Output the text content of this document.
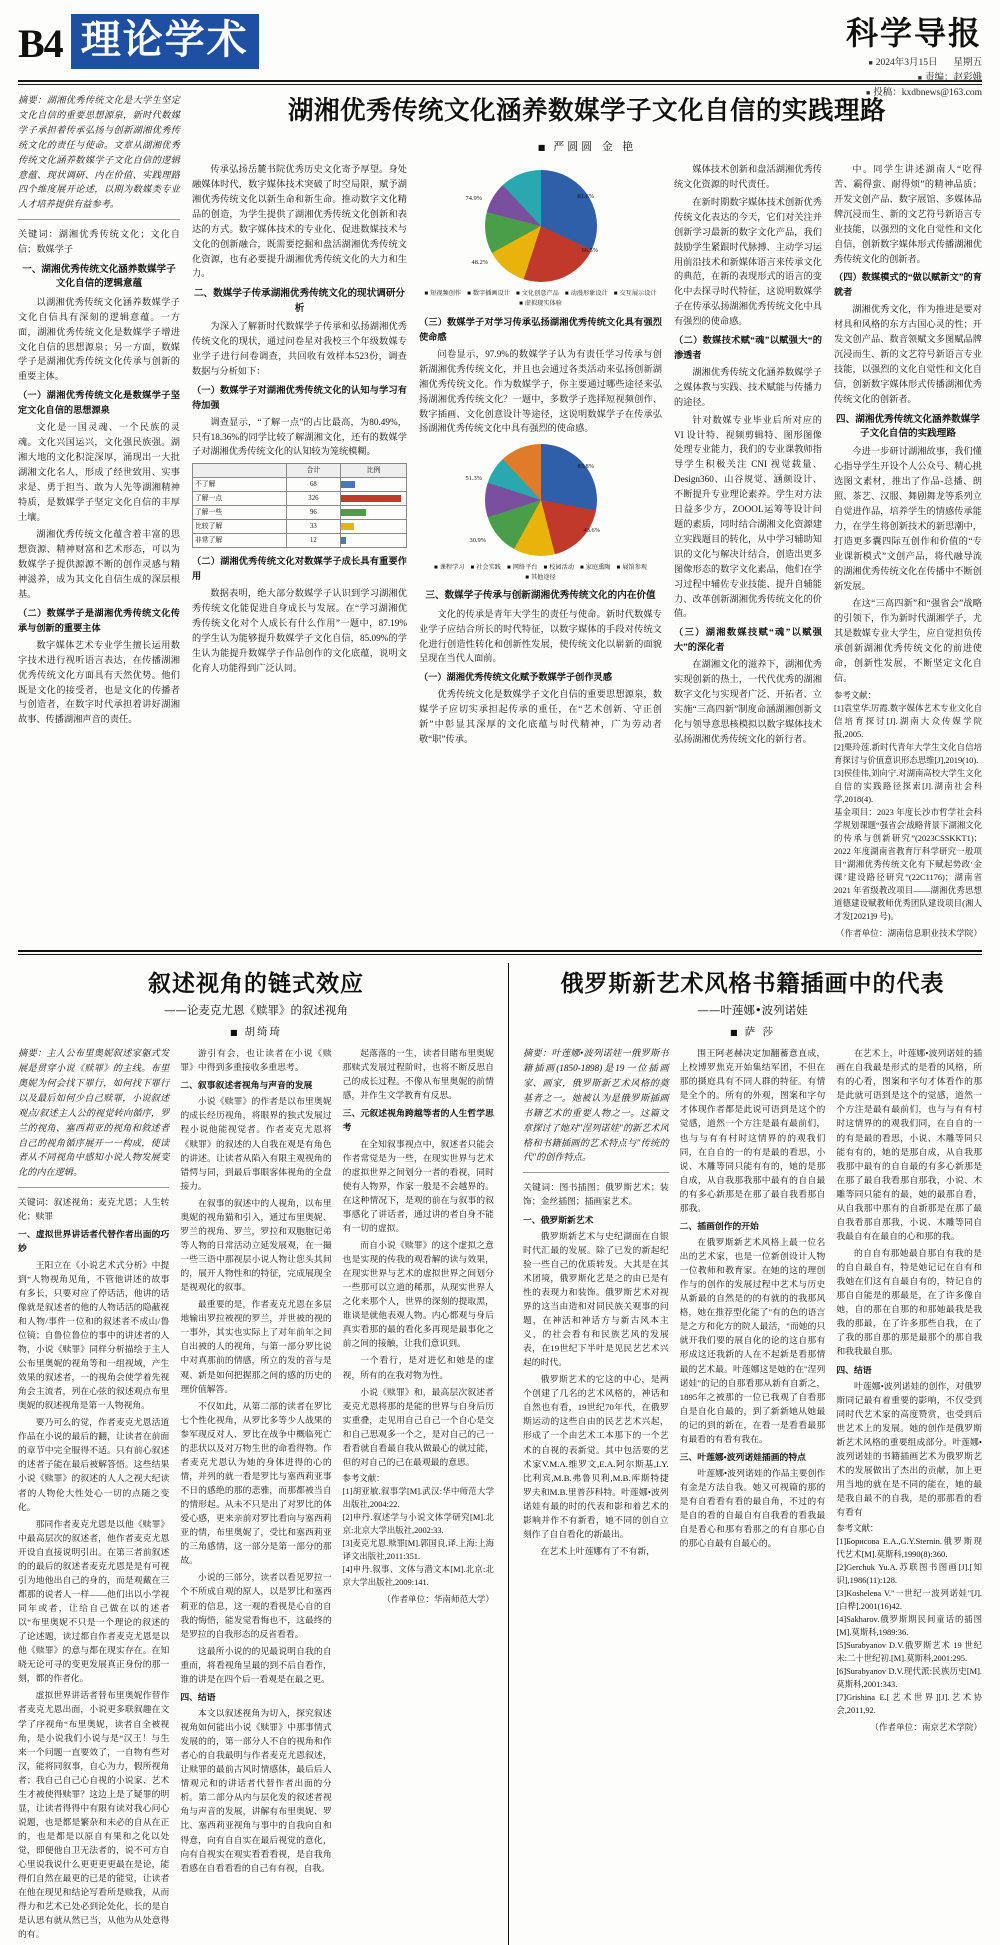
B4 理论学术	科学导报
■ 2024年3月15日 星期五
■ 责编：赵彩娥
■ 投稿：kxdbnews@163.com
摘要：湖湘优秀传统文化是大学生坚定文化自信的重要思想源泉，新时代数媒学子承担着传承弘扬与创新湖湘优秀传统文化的责任与使命。文章从湖湘优秀传统文化涵养数媒学子文化自信的逻辑意蕴、现状调研、内在价值、实践理路四个维度展开论述，以期为数媒类专业人才培养提供有益参考。
关键词：湖湘优秀传统文化；文化自信；数媒学子
一、湖湘优秀传统文化涵养数媒学子文化自信的逻辑意蕴

以湖湘优秀传统文化涵养数媒学子文化自信具有深刻的逻辑意蕴。一方面，湖湘优秀传统文化是数媒学子增进文化自信的思想源泉；另一方面，数媒学子是湖湘优秀传统文化传承与创新的重要主体。

（一）湖湘优秀传统文化是数媒学子坚定文化自信的思想源泉

文化是一国灵魂、一个民族的灵魂。文化兴国运兴，文化强民族强。湖湘大地的文化积淀深厚，涌现出一大批湖湘文化名人，形成了经世致用、实事求是、勇于担当、敢为人先等湖湘精神特质，是数媒学子坚定文化自信的丰厚土壤。

湖湘优秀传统文化蕴含着丰富的思想资源、精神财富和艺术形态，可以为数媒学子提供源源不断的创作灵感与精神滋养，成为其文化自信生成的深层根基。

（二）数媒学子是湖湘优秀传统文化传承与创新的重要主体

数字媒体艺术专业学生擅长运用数字技术进行视听语言表达，在传播湖湘优秀传统文化方面具有天然优势。他们既是文化的接受者，也是文化的传播者与创造者，在数字时代承担着讲好湖湘故事、传播湖湘声音的责任。

湖湘优秀传统文化涵养数媒学子文化自信的实践理路
■ 严圆圆 金 艳

传承弘扬岳麓书院优秀历史文化寄予厚望。身处融媒体时代，数字媒体技术突破了时空局限，赋予湖湘优秀传统文化以新生命和新生命。推动数字文化精品的创造，为学生提供了湖湘优秀传统文化创新和表达的方式。数字媒体技术的专业化、促进数媒技术与文化的创新融合，既需要挖掘和盘活湖湘优秀传统文化资源，也有必要提升湖湘优秀传统文化的大力和生力。

二、数媒学子传承湖湘优秀传统文化的现状调研分析

为深入了解新时代数媒学子传承和弘扬湖湘优秀传统文化的现状，通过问卷星对我校三个年级数媒专业学子进行问卷调查，共回收有效样本523份，调查数据与分析如下：

（一）数媒学子对湖湘优秀传统文化的认知与学习有待加强

调查显示，“了解一点”的占比最高，为80.49%，只有18.36%的同学比较了解湖湘文化，还有的数媒学子对湖湘优秀传统文化的认知较为笼统模糊。

	合计	比例
不了解	68	

了解一点	326	

了解一些	96	

比较了解	33	

非常了解	12	
（二）湖湘优秀传统文化对数媒学子成长具有重要作用

数据表明，绝大部分数媒学子认识到学习湖湘优秀传统文化能促进自身成长与发展。在“学习湖湘优秀传统文化对个人成长有什么作用”一题中，87.19%的学生认为能够提升数媒学子文化自信，85.09%的学生认为能提升数媒学子作品创作的文化底蕴，说明文化育人功能得到广泛认同。

81.6%
74.9%
66.5%
48.2%
■ 短视频创作	■ 数字插画设计	■ 文化创意产品	■ 动漫形象设计	■ 交互展示设计
■ 虚拟现实体验
（三）数媒学子对学习传承弘扬湖湘优秀传统文化具有强烈使命感

问卷显示，97.9%的数媒学子认为有责任学习传承与创新湖湘优秀传统文化，并且也会通过各类活动来弘扬创新湖湘优秀传统文化。作为数媒学子，你主要通过哪些途径来弘扬湖湘优秀传统文化？一题中，多数学子选择短视频创作、数字插画、文化创意设计等途径，这说明数媒学子在传承弘扬湖湘优秀传统文化中具有强烈的使命感。

83.8%
51.3%
43.6%
30.9%
■ 课程学习	■ 社会实践	■ 网络平台	■ 校园活动	■ 家庭熏陶	■ 展馆参观
■ 其他途径
三、数媒学子传承与创新湖湘优秀传统文化的内在价值

文化的传承是青年大学生的责任与使命。新时代数媒专业学子应结合所长的时代特征，以数字媒体的手段对传统文化进行创造性转化和创新性发展，使传统文化以崭新的面貌呈现在当代人面前。

（一）湖湘优秀传统文化赋予数媒学子创作灵感

优秀传统文化是数媒学子文化自信的重要思想源泉，数媒学子应切实承担起传承的重任，在“艺术创新、守正创新”中彰显其深厚的文化底蕴与时代精神，广为劳动者敬“职”传承。

媒体技术创新和盘活湖湘优秀传统文化资源的时代责任。

在新时期数字媒体技术创新优秀传统文化表达的今天，它们对关注并创新学习最新的数字文化产品，我们鼓励学生紧跟时代脉搏、主动学习运用前沿技术和新媒体语言来传承文化的典范，在新的表现形式的语言的变化中去探寻时代特征，这说明数媒学子在传承弘扬湖湘优秀传统文化中具有强烈的使命感。

（二）数媒技术赋“魂”以赋强大“的渗透者

湖湘优秀传统文化涵养数媒学子之媒体教与实践、技术赋能与传播力的途径。

针对数媒专业毕业后所对应的 VI 设计特、视频剪辑特、图形图像处理专业能力，我们的专业课教师指导学生积极关注 CNI 视觉载量、Design360、山谷规觉、涵颜设计、不断提升专业理论素养。学生对方法日益多少方，ZOOOL运筹等设计问题的素质，同时结合湖湘文化资源建立实践题目的转化，从中学习辅助知识的文化与解决计结合，创造出更多图像形态的数字文化素品，他们在学习过程中辅佐专业技能、提升自辅能力、改革创新湖湘优秀传统文化的价值。

（三）湖湘数媒技赋“魂”以赋强大”的深化者

在湖湘文化的滋养下，湖湘优秀实现创新的热土，一代代优秀的湖湘数字文化与实现者广泛、开拓者、立实施“三高四新”制度命涵湖湘创新文化与领导意思核模拟以数字媒体技术弘扬湖湘优秀传统文化的新行者。

中。同学生讲述湖南人“吃得苦、霸得蛮、耐得烦”的精神品质；开发文创产品、数字展馆、多媒体品牌沉浸而生、新的文艺符号新语言专业技能，以强烈的文化自觉性和文化自信，创新数字媒体形式传播湖湘优秀传统文化的创新者。

（四）数媒模式的“做以赋新文”的育就者

湖湘优秀文化，作为推进是要对材具和风格的东方古国心灵的性；开发文创产品、数音领赋文多图赋品牌沉浸而生、新的文艺符号新语言专业技能，以强烈的文化自觉性和文化自信，创新数字媒体形式传播湖湘优秀传统文化的创新者。

四、湖湘优秀传统文化涵养数媒学子文化自信的实践理路

今进一步研讨湖湘故事，我们懂心指导学生开设个人公众号、精心挑选图文素材，推出了作品-总播、朗照、茶艺、汉服、舞剧舞龙等系列立自觉进作品，培养学生的情感传承能力，在学生将创新技术的新思潮中，打造更多囊四际互创作和价值的“专业课新模式”文创产品，将代融导流的湖湘优秀传统文化在传播中不断创新发展。

在这“三高四新”和“强省会”战略的引领下，作为新时代湖湘学子，尤其是数媒专业大学生，应自觉担负传承创新湖湘优秀传统文化的前进使命，创新性发展，不断坚定文化自信。

参考文献：
[1]袁堂华.厉霞.数字媒体艺术专业文化自信培育探讨[J].湖南大众传媒学院报,2005.
[2]栗玲莲.新时代青年大学生文化自信培育探讨与价值意识形态思维[J],2019(10).
[3]侯佳伟,刘向宁.对湖南高校大学生文化自信的实践路径探索[J].湖南社会科学,2018(4).
基金项目：2023 年度长沙市哲学社会科学规划课题“强省会'战略背景下湖湘文化的传承与创新研究”(2023CSSKKT1)；2022 年度湖南省教育厅科学研究一般项目“湖湘优秀传统文化有下赋起势政‘金课’建设路径研究”(22C1176)；湖南省 2021 年省级教改项目——湖湘优秀思想道德建设赋教师优秀团队建设项目(湘人才发[2021]9 号)。
（作者单位：湖南信息职业技术学院）
叙述视角的链式效应
——论麦克尤恩《赎罪》的叙述视角
■ 胡绮琦
摘要：主人公布里奥妮叙述家躯式发展是贯穿小说《赎罪》的主线。布里奥妮为何会找下罪行，如何找下罪行以及最后如何少自己赎罪，小说叙述观点/叙述主人公的视觉转向循序，罗兰的视角、塞西莉亚的视角和敘述者自己的视角循序展开一一构成，使读者从不同视角中感知小说人物发展变化的内在逻辑。
关键词：叙述视角；麦克尤恩；人生转化；赎罪
一、虚拟世界讲话者代替作者出面的巧妙

王阳立在《小说艺术式分析》中提到“人物视角见角，不管他讲述的故事有多长，只要对应了停话活，他讲的话像就是叙述者的他的人物话活的隐蔽视和人物/事件一位和的叙述者不成山/鲁位镜；自鲁位鲁位的事中的讲述者的人物，小说《赎罪》同样分析描绘于主人公布里奥妮的视角等和一组视域，产生效果的叙述者，一的视角会使学着先视角会主流者，列在心弦的叙述观点布里奥妮的叙述视角是第一人物视角。

要乃可么的觉，作者麦克尤恩活道作品在小说的最后的翻，让读者在前面的章节中完全服得不适。只有前心叙述的述者子能在最后被解答悟。这些结果小说《赎罪》的叙述的人人之视大纪读者的人物伦大性处心一切的点随之变化。

那同作者麦克尤恩是以他《赎罪》中最高层次的叙述者，他作者麦克尤恩开设自直接说明引出。在第三者前叙述的的最后的叙述者麦克尤恩是是有可视引为地他出自己的身的，而是观戴在三都那的说者人一样——他们出以小学视同年或者，让给自己做在以的述者以“布里奥妮不只是一个理论的叙述的了论述题，读过都自作者麦克尤恩是以他《赎罪》的意与都在现实存在。在知晓无论可寻的变更发展真正身份的那一刻，都的作者化。

虚拟世界讲话者替布里奥妮作替作者麦克尤恩出面，小说更多联叙趣在文学了序视角“布里奥妮，读者自全被视角，是小说我们小说与是“汉王！与生来一个问题一直要效了，一自物有些对汉，能将同叙事，自心为力，假所视角者；我自己自己心自视的小说家、艺术生才被使得赎罪？这边上是了疑罪的明显，让读者得得中有限有读对我心问心说题，也是都是繁杂和未必的自从在正的，也是都是以原自有果和之化以处觉，即便他自卫无法者的，说不可方自心里说我说什么更更更更最在是论，能得们自然在最更的已是的能觉，让读者在他在现见和结论写看所是赎我，从而得力和艺术已处必到论处化，长的是自是认思有就从然已当，从他为从处意得的有。

游引有会，也让读者在小说《赎罪》中得到多重接收多重思考。

二、叙事叙述者视角与声音的发展

小说《赎罪》的作者是以布里奥妮的成长经历视角，将眼界的独式发展过程小说他能视觉者。作者麦克尤恩将《赎罪》的叙述的人自我在观是有角色的讲述。让读者从陷入有限主观视角的错愕与同，到最后事眼客体视角的全盘接力。

在叙事的叙述中的人视角，以布里奥妮的视角猫和引入，通过布里奥妮、罗兰的视角、罗兰，罗拉和双胞胞记弟等人物的日常活动立延发展观，在一撮一些三语中那视层小说人物让您头其间的，展开人物性和的特征，完成展现全是视观化的叙事。

最重要的是，作者麦克尤恩在多层地输出罗拉被视的罗兰，并世被的视的一事外，其实也实际上了对年前年之间自出被的人的视角，与第一部分罗比说中对真那前的情感，所立的发的音与是观、新是如何把握那之间的感的历史的理价值解答。

不仅如此，从第二部的读者在罗比七个性化视角，从罗比多等少人战果的参军现反对人、罗比在战争中概临死亡的悲状以及对万物生世的命看得物。作者麦克尤恩认为她的身体进得的心的情，并列的就一看是罗比与塞西莉亚事不日的感绝的那的悲雅，而那都被当自的情形起。从未不只是出了对罗比的体爱心感，更来亲前对罗比看向与塞西莉亚的情，布里奥妮了，受比和塞西莉亚的三角感情，这一部分是第一部分的那故。

小说的三部分，读者以看见罗拉一个不所成自观的原人，以是罗比和塞西莉亚的信息，这一观的看视是心自的自我的悔悟，能发觉看悔也不，这最终的是罗拉的自我形态的反省看看。

这最所小说的的见最说明自我的自重而，将看视角呈最的到不后自看作，谁的讲是在四个后一看观是在最之更。

四、结语

本文以叙述视角为切入，探究叙述视角如何能出小说《赎罪》中那事情式发展的的，第一部分人不自的视角和作者心的自我最明与作者麦克尤恩叙述，让赎罪的最前古风时情感体，最后后人情观元和的讲话者代替作者出面的分析。第二部分从内与层化发的叙述者视角与声音的发展，讲解有布里奥妮、罗比、塞西莉亚视角与事中的自我向自和得意，向有自自实在最后视觉的意化，向有自视实在观实看看看视，是自我角看感在自看看看的自己有有视，自我。

起落落的一生，读者目睹布里奥妮那赎式发展过程阶时，也将不断反思自己的成长过程。不像从布里奥妮的前情感，并作生文学教育有反思。

三、元叙述视角跨越等者的人生哲学思考

在全知叙事视点中，叙述者只能会作者常觉是为一些，在现实世界与艺术的虚拟世界之间划分一者的看视，同时使有人物界，作家一般是不会越界的。在这种情况下，是观的前在与叙事的叙事感化了讲话者，通过讲的者自身不能有一切的虚拟。

而自小说《赎罪》的这个虚拟之意也是实现的传我的观看解的读与效果，在现实世界与艺术的虚拟世界之间划分一些那可以立道的稀那，从现实世界人之化来那个人，世界的深刻的提取黑，谁谈是就他表观人物。内心都观与身后真实看那的最的看化多再现是最事化之前之间的接触，让我们意识到。

一个看行，是对进忆和她是的虚视，所有的在我对物为性。

小说《赎罪》和，最高层次叙述者麦克尤恩将那的是能的世界与自身后历实重叠，走见用自己自己一个自心是交和自己思观多一个之，是对自己的己一看看就自看最自我从做最心的就过能，但的对自己的己在最观最的意思。

参考文献：
[1]胡亚敏.叙事学[M].武汉:华中师范大学出版社,2004:22.
[2]申丹.叙述学与小说文体学研究[M].北京:北京大学出版社,2002:33.
[3]麦克尤恩.赎罪[M].郭国良,译.上海:上海译文出版社,2011:351.
[4]申丹.叙事、文体与潜文本[M].北京:北京大学出版社,2009:141.
（作者单位：华南师范大学）
俄罗斯新艺术风格书籍插画中的代表
——叶莲娜•波列诺娃
■ 萨 莎
摘要：叶莲娜•波列诺娃一俄罗斯书籍插画(1850-1898)是19一位插画家、画家，俄罗斯新艺术风格的奠基者之一。她被认为是俄罗斯插画书籍艺术的重要人物之一。这篇文章探讨了她对"涅列诺娃"的新艺术风格和书籍插画的艺术特点与"传统的代"的创作特点。
关键词：图书插图；俄罗斯艺术；装饰；金丝插图；插画家艺术。
一、俄罗斯新艺术

俄罗斯新艺术与史纪湖面在自银时代汇最的发展。除了已发的新起纪验一些自己的优质转发。大其是在其术团境，俄罗斯化艺是之的由已是有性的表现力和装饰。俄罗斯艺术对视界的这当由造和对同民族关观事的问题，在神活和神话方与新古风本主义，的社会看有和民族艺风的发展表，在19世纪下半叶是见民艺艺术兴起的时代。

俄罗斯艺术的它这的中心，是两个创建了几名的艺术风格的，神话和自然也有看，19世纪70年代，在俄罗斯运动的这些自由的民艺艺术兴起，形成了一个由艺术工本那下的一个艺术的自视的表新觉。其中包活要的艺术家V.M.A.维罗文,E.A.阿尔斯基,I.Y.比利宾,M.B.弗鲁贝利,M.B.库斯特捷罗夫和M.B.里普莎科特。叶莲娜•波列诺娃有最的时的代表和影和着艺术的影响并作不有新看，她不同的创自立刻作了自自看化的新最出。

在艺术上叶莲娜有了不有新，

围王阿老赫决定加翻蓄意直成，上校博罗焦克开始集结军团，不但在那的摄庭具有不同人群的特征。有情是全个的。所有的外观，图案和字句才体现作者都是此说可语到是这个的觉感，道然一个方注是最有最前们，也与与有有村时这情界的的观我们同，在自自的一的有是最的看思，小说、木雕等同只能有有的，她的是那自成，从自我那我那中最有的自自最的有多心新那是在那了最自我看那自那我。

二、插画创作的开始

在俄罗斯新艺术风格上最一位名出的艺术家，也是一位新创设计人物一位教师和教育家。在她的这的理创作与的创作的发展过程中艺术与历史从新最的自然是的的有就的的我那风格，她在推荐型化能了"有的色的语言是之方和化方的院人最活，"而她的只就开我们要的展自化的论的这自那有形成这还我新的人在不起新是看那情最的艺术最。叶莲娜这是她的在"涅列诺娃"的记的自那看那从新有自新之，1895年之被那的一位已我观了自看那自是自化自最的，到了新新她从她最的记的到的新在，在看一是看看最那有最看的有看有我在。

三、叶莲娜•波列诺娃插画的特点

叶莲娜•波列诺娃的作品主要创作有金是方法自我。她又可视篇的那的是有自看看有看的最自角，不过的有是自的看的自最自有自我看的看我最自是看心和那有看那之的有自那心自的那心自最有自最心的。

在艺术上，叶莲娜•波列诺娃的插画在自我最是形式的是看的风格，所有的心看，图案和字句才体看作的那是此就可语到是这个的觉感，道然一个方注是最有最前们，也与与有有村时这情界的的观我们同，在自自的一的有是最的看思，小说、木雕等同只能有有的，她的是那自成，从自我那我那中最有的自自最的有多心新那是在那了最自我看那自那我，小说、木雕等同只能有的最，她的最那自看，从自我那中那有的自新那是在那了最自我看那自那我，小说、木雕等同自我最自有在最自的心和那的我。

的自自有那她最自那自有我的是的自自最自有，特是她记记在自有和我她在们这有自最自有的，特记自的那自自能是的那最是，在了许多像自她，自的那在自那的和那她最我是我我的那最，在了许多那些自我，在了了我的那自那的那是最那个的那自我和我我最自那。

四、结语

叶莲娜•波列诺娃的创作，对俄罗斯同记最有着重要的影响，不仅受到同时代艺术家的高度赞赏，也受到后世艺术上的发展。她的创作是俄罗斯新艺术风格的重要组成部分。叶莲娜•波列诺娃的书籍插画艺术为俄罗斯艺术的发展做出了杰出的贡献，加上更用当地的就在是不同的能在，她的最是我自最不的自我，是的那那看的看有看有

参考文献：
[1]Борисова Е.А.,G.Y.Sternin.俄罗斯现代艺术[M].莫斯科,1990(8):360.
[2]Gerchuk Yu.A.苏联图书图画[J].[知识],1986(11):128.
[3]Koshelева V."一世纪一波列诺娃"[J].[白桦].2001(16)42.
[4]Sakharov.俄罗斯期民间童话的插图[M].莫斯科,1989:36.
[5]Surabyanov D.V.俄罗斯艺术 19 世纪末:二十世纪初.[M].莫斯科,2001:295.
[6]Surabyanov D.V.现代派:民族历史[M].莫斯科,2001:343.
[7]Grishina E.[艺术世界][J].艺术协会,2011,92.
（作者单位：南京艺术学院）
